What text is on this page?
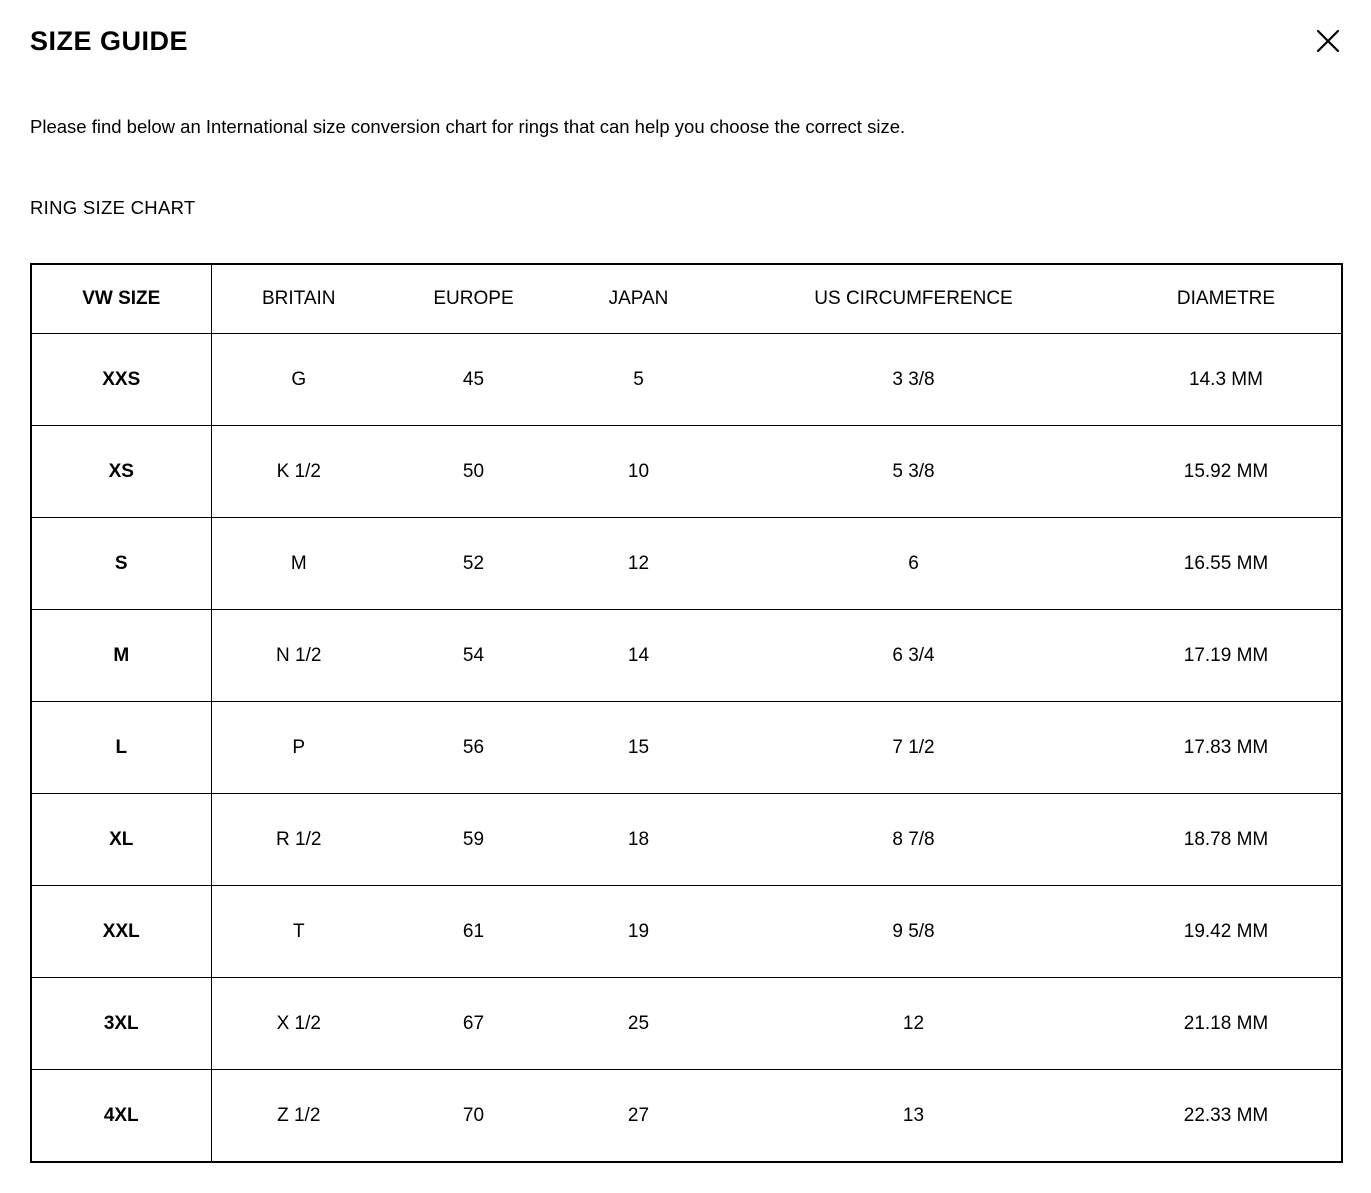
SIZE GUIDE

Please find below an International size conversion chart for rings that can help you choose the correct size.

RING SIZE CHART
VW SIZE	BRITAIN	EUROPE	JAPAN	US CIRCUMFERENCE	DIAMETRE
XXS	G	45	5	3 3/8	14.3 MM
XS	K 1/2	50	10	5 3/8	15.92 MM
S	M	52	12	6	16.55 MM
M	N 1/2	54	14	6 3/4	17.19 MM
L	P	56	15	7 1/2	17.83 MM
XL	R 1/2	59	18	8 7/8	18.78 MM
XXL	T	61	19	9 5/8	19.42 MM
3XL	X 1/2	67	25	12	21.18 MM
4XL	Z 1/2	70	27	13	22.33 MM
